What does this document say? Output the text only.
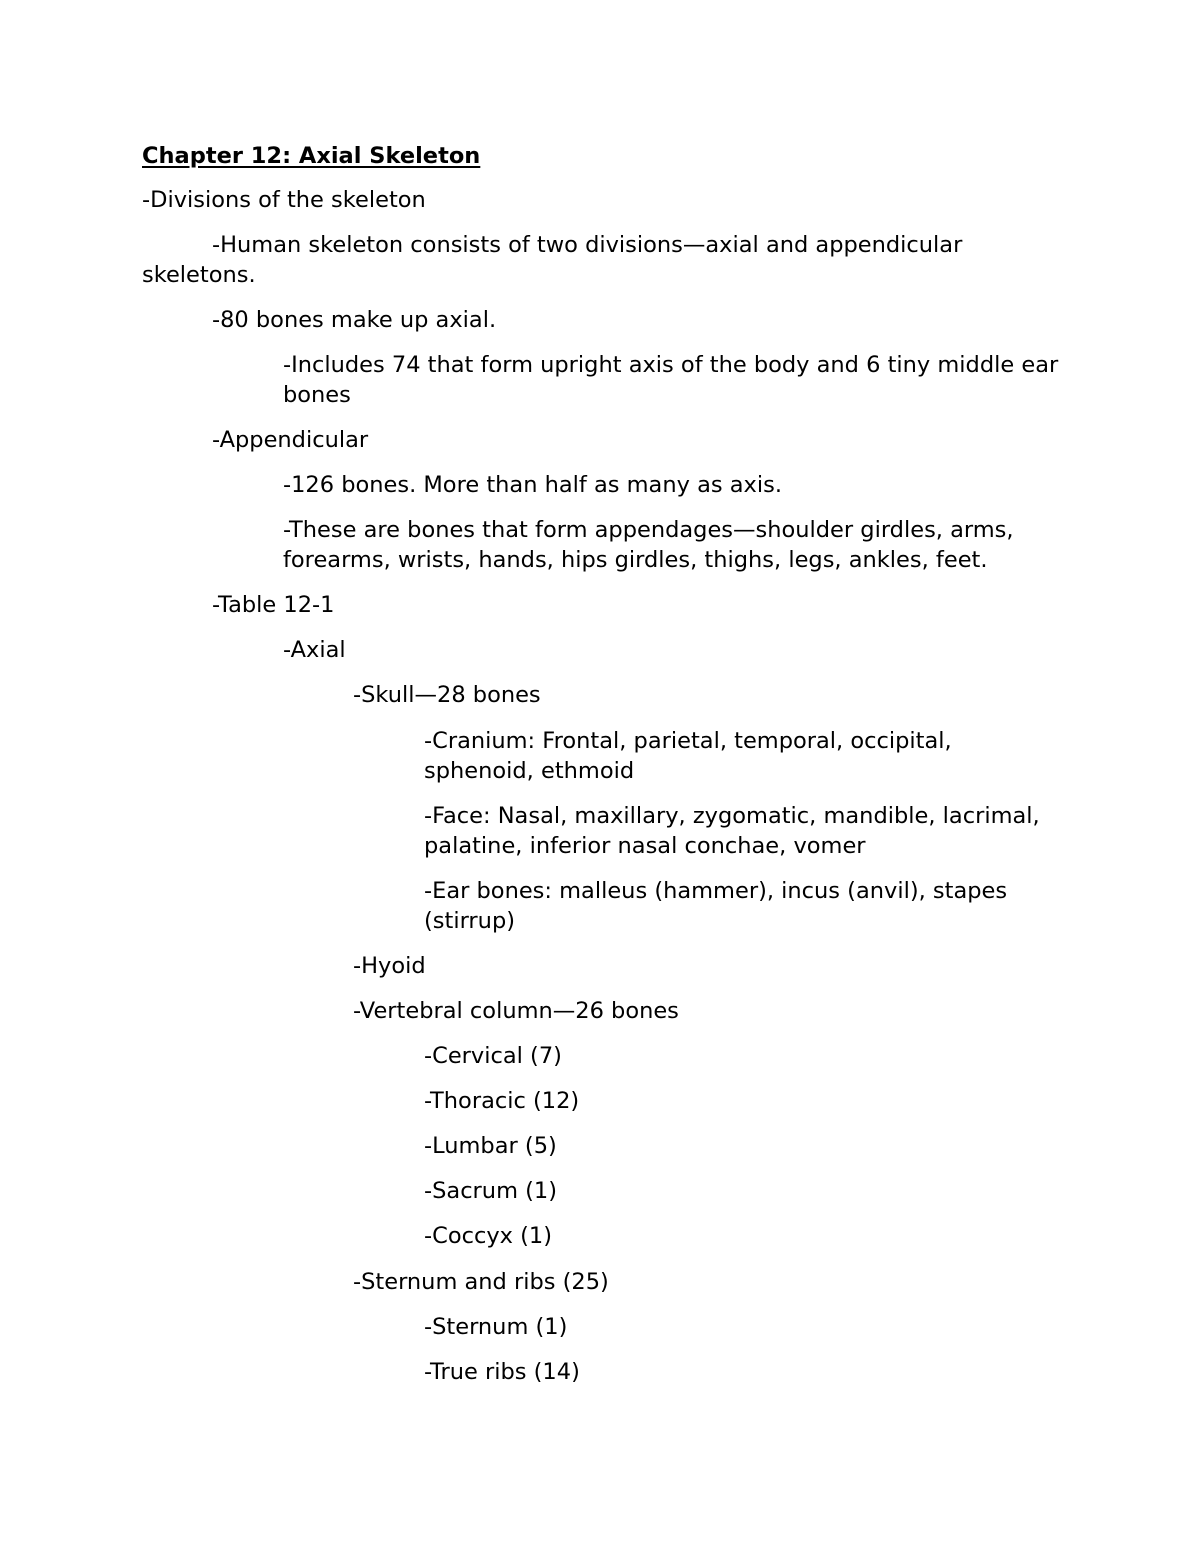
Chapter 12: Axial Skeleton

-Divisions of the skeleton

-Human skeleton consists of two divisions—axial and appendicular

skeletons.

-80 bones make up axial.

-Includes 74 that form upright axis of the body and 6 tiny middle ear bones

-Appendicular

-126 bones. More than half as many as axis.

-These are bones that form appendages—shoulder girdles, arms, forearms, wrists, hands, hips girdles, thighs, legs, ankles, feet.

-Table 12-1

-Axial

-Skull—28 bones

-Cranium: Frontal, parietal, temporal, occipital, sphenoid, ethmoid

-Face: Nasal, maxillary, zygomatic, mandible, lacrimal, palatine, inferior nasal conchae, vomer

-Ear bones: malleus (hammer), incus (anvil), stapes (stirrup)

-Hyoid

-Vertebral column—26 bones

-Cervical (7)

-Thoracic (12)

-Lumbar (5)

-Sacrum (1)

-Coccyx (1)

-Sternum and ribs (25)

-Sternum (1)

-True ribs (14)
